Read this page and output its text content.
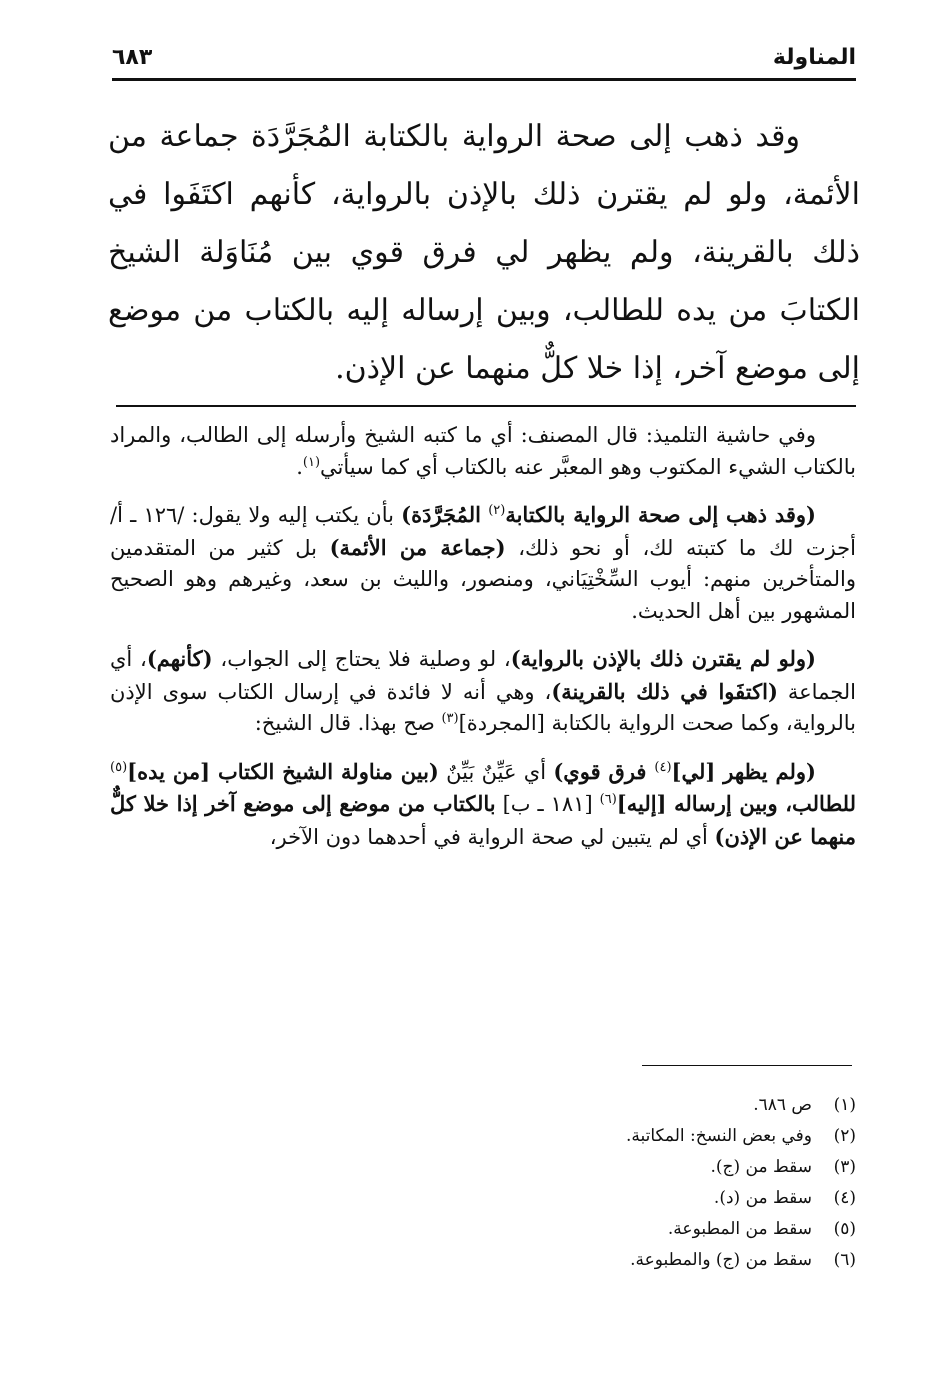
المناولة
٦٨٣

وقد ذهب إلى صحة الرواية بالكتابة المُجَرَّدَة جماعة من الأئمة، ولو لم يقترن ذلك بالإذن بالرواية، كأنهم اكتَفَوا في ذلك بالقرينة، ولم يظهر لي فرق قوي بين مُنَاوَلة الشيخ الكتابَ من يده للطالب، وبين إرساله إليه بالكتاب من موضع إلى موضع آخر، إذا خلا كلٌّ منهما عن الإذن.

وفي حاشية التلميذ: قال المصنف: أي ما كتبه الشيخ وأرسله إلى الطالب، والمراد بالكتاب الشيء المكتوب وهو المعبَّر عنه بالكتاب أي كما سيأتي$^{(١)}$.

(وقد ذهب إلى صحة الرواية بالكتابة$^{(٢)}$ المُجَرَّدَة) بأن يكتب إليه ولا يقول: /١٢٦ ـ أ/ أجزت لك ما كتبته لك، أو نحو ذلك، (جماعة من الأئمة) بل كثير من المتقدمين والمتأخرين منهم: أيوب السِّخْتِيَاني، ومنصور، والليث بن سعد، وغيرهم وهو الصحيح المشهور بين أهل الحديث.

(ولو لم يقترن ذلك بالإذن بالرواية)، لو وصلية فلا يحتاج إلى الجواب، (كأنهم)، أي الجماعة (اكتفَوا في ذلك بالقرينة)، وهي أنه لا فائدة في إرسال الكتاب سوى الإذن بالرواية، وكما صحت الرواية بالكتابة [المجردة]$^{(٣)}$ صح بهذا. قال الشيخ:

(ولم يظهر [لي]$^{(٤)}$ فرق قوي) أي عَيِّنٌ بَيِّنٌ (بين مناولة الشيخ الكتاب [من يده]$^{(٥)}$ للطالب، وبين إرساله [إليه]$^{(٦)}$ [١٨١ ـ ب] بالكتاب من موضع إلى موضع آخر إذا خلا كلٌّ منهما عن الإذن) أي لم يتبين لي صحة الرواية في أحدهما دون الآخر،

(١)
ص ٦٨٦.
(٢)
وفي بعض النسخ: المكاتبة.
(٣)
سقط من (ج).
(٤)
سقط من (د).
(٥)
سقط من المطبوعة.
(٦)
سقط من (ج) والمطبوعة.
